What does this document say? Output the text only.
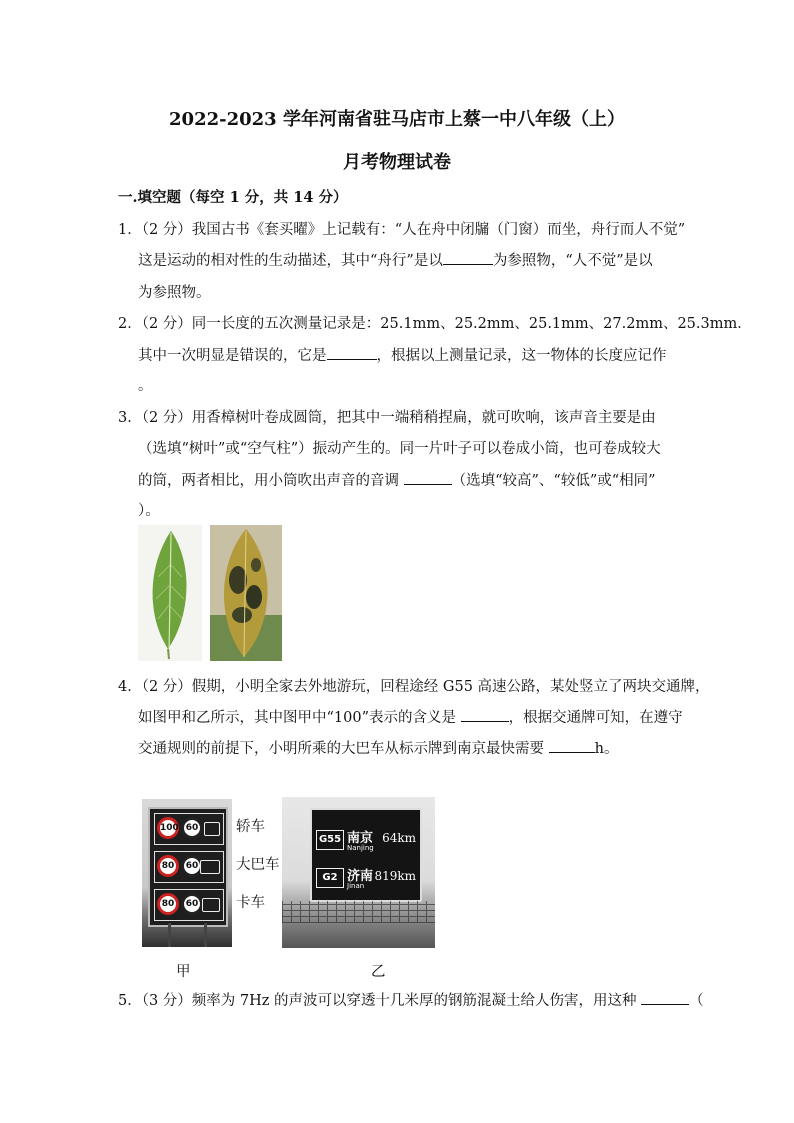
2022-2023 学年河南省驻马店市上蔡一中八年级（上）
月考物理试卷
一.填空题（每空 1 分，共 14 分）
1．（2 分）我国古书《套买曜》上记载有：“人在舟中闭牖（门窗）而坐，舟行而人不觉”
这是运动的相对性的生动描述，其中“舟行”是以	为参照物，“人不觉”是以
为参照物。
2．（2 分）同一长度的五次测量记录是：25.1mm、25.2mm、25.1mm、27.2mm、25.3mm．
其中一次明显是错误的，它是	，根据以上测量记录，这一物体的长度应记作
。
3．（2 分）用香樟树叶卷成圆筒，把其中一端稍稍捏扁，就可吹响，该声音主要是由
（选填“树叶”或“空气柱”）振动产生的。同一片叶子可以卷成小筒，也可卷成较大
的筒，两者相比，用小筒吹出声音的音调	（选填“较高”、“较低”或“相同”
）。
4．（2 分）假期，小明全家去外地游玩，回程途经 G55 高速公路，某处竖立了两块交通牌，
如图甲和乙所示，其中图甲中“100”表示的含义是	，根据交通牌可知，在遵守
交通规则的前提下，小明所乘的大巴车从标示牌到南京最快需要	h。
100 60
80	60
80	60
轿车
大巴车
卡车
G55 南京
Nanjing
64km
G2 济南
Jinan
819km
甲	乙
5．（3 分）频率为 7Hz 的声波可以穿透十几米厚的钢筋混凝土给人伤害，用这种	（
